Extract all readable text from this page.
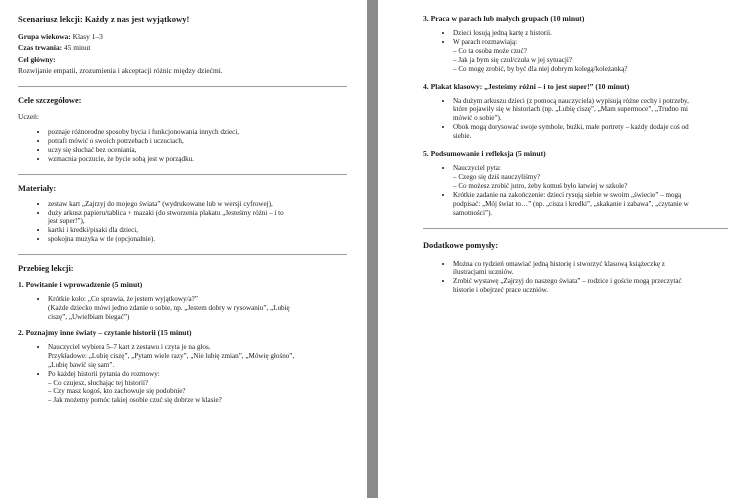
Scenariusz lekcji: Każdy z nas jest wyjątkowy!
Grupa wiekowa: Klasy 1–3
Czas trwania: 45 minut
Cel główny:
Rozwijanie empatii, zrozumienia i akceptacji różnic między dziećmi.
Cele szczegółowe:
Uczeń:
• poznaje różnorodne sposoby bycia i funkcjonowania innych dzieci,
• potrafi mówić o swoich potrzebach i uczuciach,
• uczy się słuchać bez oceniania,
• wzmacnia poczucie, że bycie sobą jest w porządku.
Materiały:
• zestaw kart „Zajrzyj do mojego świata” (wydrukowane lub w wersji cyfrowej),
• duży arkusz papieru/tablica + mazaki (do stworzenia plakatu „Jesteśmy różni – i to
jest super!”),
• kartki i kredki/pisaki dla dzieci,
• spokojna muzyka w tle (opcjonalnie).
Przebieg lekcji:
1. Powitanie i wprowadzenie (5 minut)
• Krótkie koło: „Co sprawia, że jestem wyjątkowy/a?”
(Każde dziecko mówi jedno zdanie o sobie, np. „Jestem dobry w rysowaniu”, „Lubię
ciszę”, „Uwielbiam biegać”)
2. Poznajmy inne światy – czytanie historii (15 minut)
• Nauczyciel wybiera 5–7 kart z zestawu i czyta je na głos.
Przykładowe: „Lubię ciszę”, „Pytam wiele razy”, „Nie lubię zmian”, „Mówię głośno”,
„Lubię bawić się sam”.
• Po każdej historii pytania do rozmowy:
– Co czujesz, słuchając tej historii?
– Czy masz kogoś, kto zachowuje się podobnie?
– Jak możemy pomóc takiej osobie czuć się dobrze w klasie?
3. Praca w parach lub małych grupach (10 minut)
• Dzieci losują jedną kartę z historii.
• W parach rozmawiają:
– Co ta osoba może czuć?
– Jak ja bym się czuł/czuła w jej sytuacji?
– Co mogę zrobić, by być dla niej dobrym kolegą/koleżanką?
4. Plakat klasowy: „Jesteśmy różni – i to jest super!” (10 minut)
• Na dużym arkuszu dzieci (z pomocą nauczyciela) wypisują różne cechy i potrzeby,
które pojawiły się w historiach (np. „Lubię ciszę”, „Mam supermoce”, „Trudno mi
mówić o sobie”).
• Obok mogą dorysować swoje symbole, buźki, małe portrety – każdy dodaje coś od
siebie.
5. Podsumowanie i refleksja (5 minut)
• Nauczyciel pyta:
– Czego się dziś nauczyliśmy?
– Co możesz zrobić jutro, żeby komuś było łatwiej w szkole?
• Krótkie zadanie na zakończenie: dzieci rysują siebie w swoim „świecie” – mogą
podpisać: „Mój świat to…” (np. „cisza i kredki”, „skakanie i zabawa”, „czytanie w
samotności”).
Dodatkowe pomysły:
• Można co tydzień omawiać jedną historię i stworzyć klasową książeczkę z
ilustracjami uczniów.
• Zrobić wystawę „Zajrzyj do naszego świata” – rodzice i goście mogą przeczytać
historie i obejrzeć prace uczniów.
